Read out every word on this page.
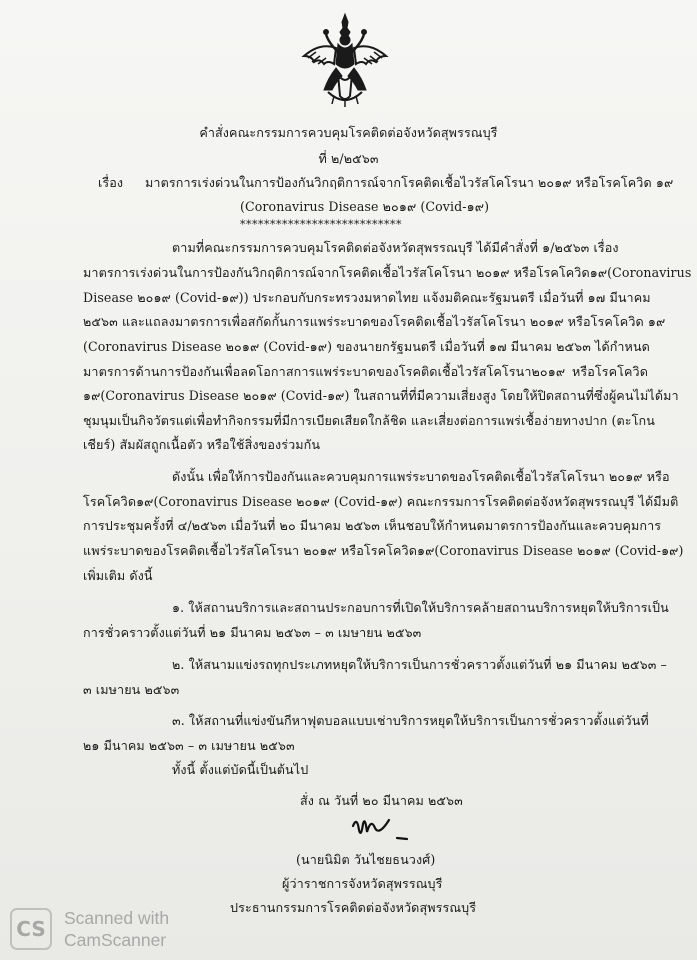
คำสั่งคณะกรรมการควบคุมโรคติดต่อจังหวัดสุพรรณบุรี
ที่ ๒/๒๕๖๓
เรื่อง มาตรการเร่งด่วนในการป้องกันวิกฤติการณ์จากโรคติดเชื้อไวรัสโคโรนา ๒๐๑๙ หรือโรคโควิด ๑๙
(Coronavirus Disease ๒๐๑๙ (Covid-๑๙)
***************************
ตามที่คณะกรรมการควบคุมโรคติดต่อจังหวัดสุพรรณบุรี ได้มีคำสั่งที่ ๑/๒๕๖๓ เรื่อง
มาตรการเร่งด่วนในการป้องกันวิกฤติการณ์จากโรคติดเชื้อไวรัสโคโรนา ๒๐๑๙ หรือโรคโควิด๑๙(Coronavirus
Disease ๒๐๑๙ (Covid-๑๙)) ประกอบกับกระทรวงมหาดไทย แจ้งมติคณะรัฐมนตรี เมื่อวันที่ ๑๗ มีนาคม
๒๕๖๓ และแถลงมาตรการเพื่อสกัดกั้นการแพร่ระบาดของโรคติดเชื้อไวรัสโคโรนา ๒๐๑๙ หรือโรคโควิด ๑๙
(Coronavirus Disease ๒๐๑๙ (Covid-๑๙) ของนายกรัฐมนตรี เมื่อวันที่ ๑๗ มีนาคม ๒๕๖๓ ได้กำหนด
มาตรการด้านการป้องกันเพื่อลดโอกาสการแพร่ระบาดของโรคติดเชื้อไวรัสโคโรนา๒๐๑๙ หรือโรคโควิด
๑๙(Coronavirus Disease ๒๐๑๙ (Covid-๑๙) ในสถานที่ที่มีความเสี่ยงสูง โดยให้ปิดสถานที่ซึ่งผู้คนไม่ได้มา
ชุมนุมเป็นกิจวัตรแต่เพื่อทำกิจกรรมที่มีการเบียดเสียดใกล้ชิด และเสี่ยงต่อการแพร่เชื้อง่ายทางปาก (ตะโกน
เชียร์) สัมผัสถูกเนื้อตัว หรือใช้สิ่งของร่วมกัน
ดังนั้น เพื่อให้การป้องกันและควบคุมการแพร่ระบาดของโรคติดเชื้อไวรัสโคโรนา ๒๐๑๙ หรือ
โรคโควิด๑๙(Coronavirus Disease ๒๐๑๙ (Covid-๑๙) คณะกรรมการโรคติดต่อจังหวัดสุพรรณบุรี ได้มีมติ
การประชุมครั้งที่ ๔/๒๕๖๓ เมื่อวันที่ ๒๐ มีนาคม ๒๕๖๓ เห็นชอบให้กำหนดมาตรการป้องกันและควบคุมการ
แพร่ระบาดของโรคติดเชื้อไวรัสโคโรนา ๒๐๑๙ หรือโรคโควิด๑๙(Coronavirus Disease ๒๐๑๙ (Covid-๑๙)
เพิ่มเติม ดังนี้
๑. ให้สถานบริการและสถานประกอบการที่เปิดให้บริการคล้ายสถานบริการหยุดให้บริการเป็น
การชั่วคราวตั้งแต่วันที่ ๒๑ มีนาคม ๒๕๖๓ – ๓ เมษายน ๒๕๖๓
๒. ให้สนามแข่งรถทุกประเภทหยุดให้บริการเป็นการชั่วคราวตั้งแต่วันที่ ๒๑ มีนาคม ๒๕๖๓ –
๓ เมษายน ๒๕๖๓
๓. ให้สถานที่แข่งขันกีหาฟุตบอลแบบเช่าบริการหยุดให้บริการเป็นการชั่วคราวตั้งแต่วันที่
๒๑ มีนาคม ๒๕๖๓ – ๓ เมษายน ๒๕๖๓
ทั้งนี้ ตั้งแต่บัดนี้เป็นต้นไป
สั่ง ณ วันที่ ๒๐ มีนาคม ๒๕๖๓
(นายนิมิต วันไชยธนวงศ์)
ผู้ว่าราชการจังหวัดสุพรรณบุรี
ประธานกรรมการโรคติดต่อจังหวัดสุพรรณบุรี
CS	Scanned with
CamScanner
